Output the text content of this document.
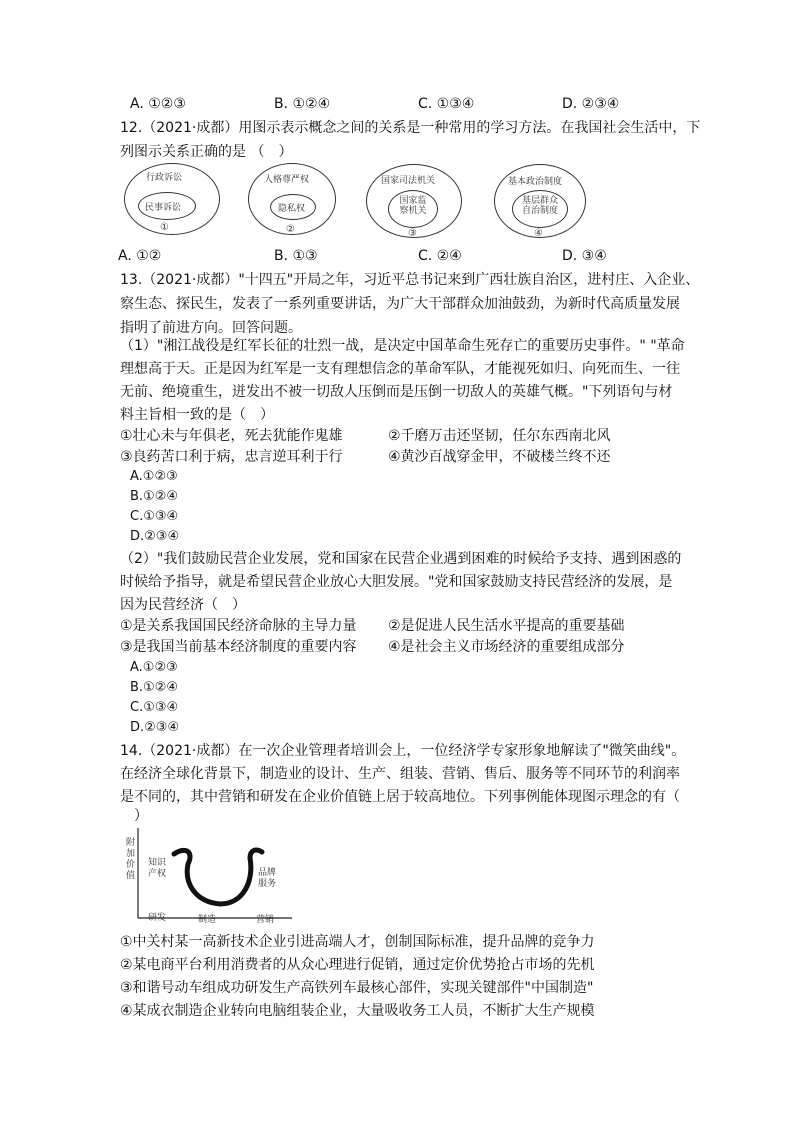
A. ①②③	B. ①②④	C. ①③④	D. ②③④
12.（2021·成都）用图示表示概念之间的关系是一种常用的学习方法。在我国社会生活中，下
列图示关系正确的是 （　）
行政诉讼
民事诉讼
①
人格尊严权
隐私权
②
国家司法机关
国家监察机关
③
基本政治制度
基层群众自治制度
④
A. ①②	B. ①③	C. ②④	D. ③④
13.（2021·成都）"十四五"开局之年，习近平总书记来到广西壮族自治区，进村庄、入企业、
察生态、探民生，发表了一系列重要讲话，为广大干部群众加油鼓劲，为新时代高质量发展
指明了前进方向。回答问题。
（1）"湘江战役是红军长征的壮烈一战，是决定中国革命生死存亡的重要历史事件。" "革命
理想高于天。正是因为红军是一支有理想信念的革命军队，才能视死如归、向死而生、一往
无前、绝境重生，迸发出不被一切敌人压倒而是压倒一切敌人的英雄气概。"下列语句与材
料主旨相一致的是（　）
①壮心未与年俱老，死去犹能作鬼雄	②千磨万击还坚韧，任尔东西南北风
③良药苦口利于病，忠言逆耳利于行	④黄沙百战穿金甲，不破楼兰终不还
A.①②③
B.①②④
C.①③④
D.②③④
（2）"我们鼓励民营企业发展，党和国家在民营企业遇到困难的时候给予支持、遇到困惑的
时候给予指导，就是希望民营企业放心大胆发展。"党和国家鼓励支持民营经济的发展，是
因为民营经济（　）
①是关系我国国民经济命脉的主导力量 ②是促进人民生活水平提高的重要基础
③是我国当前基本经济制度的重要内容 ④是社会主义市场经济的重要组成部分
A.①②③
B.①②④
C.①③④
D.②③④
14.（2021·成都）在一次企业管理者培训会上，一位经济学专家形象地解读了"微笑曲线"。
在经济全球化背景下，制造业的设计、生产、组装、营销、售后、服务等不同环节的利润率
是不同的，其中营销和研发在企业价值链上居于较高地位。下列事例能体现图示理念的有（
　）
附加价值
知识产权	品牌服务
研发	制造	营销
①中关村某一高新技术企业引进高端人才，创制国际标准，提升品牌的竞争力
②某电商平台利用消费者的从众心理进行促销，通过定价优势抢占市场的先机
③和谐号动车组成功研发生产高铁列车最核心部件，实现关键部件"中国制造"
④某成衣制造企业转向电脑组装企业，大量吸收务工人员，不断扩大生产规模
